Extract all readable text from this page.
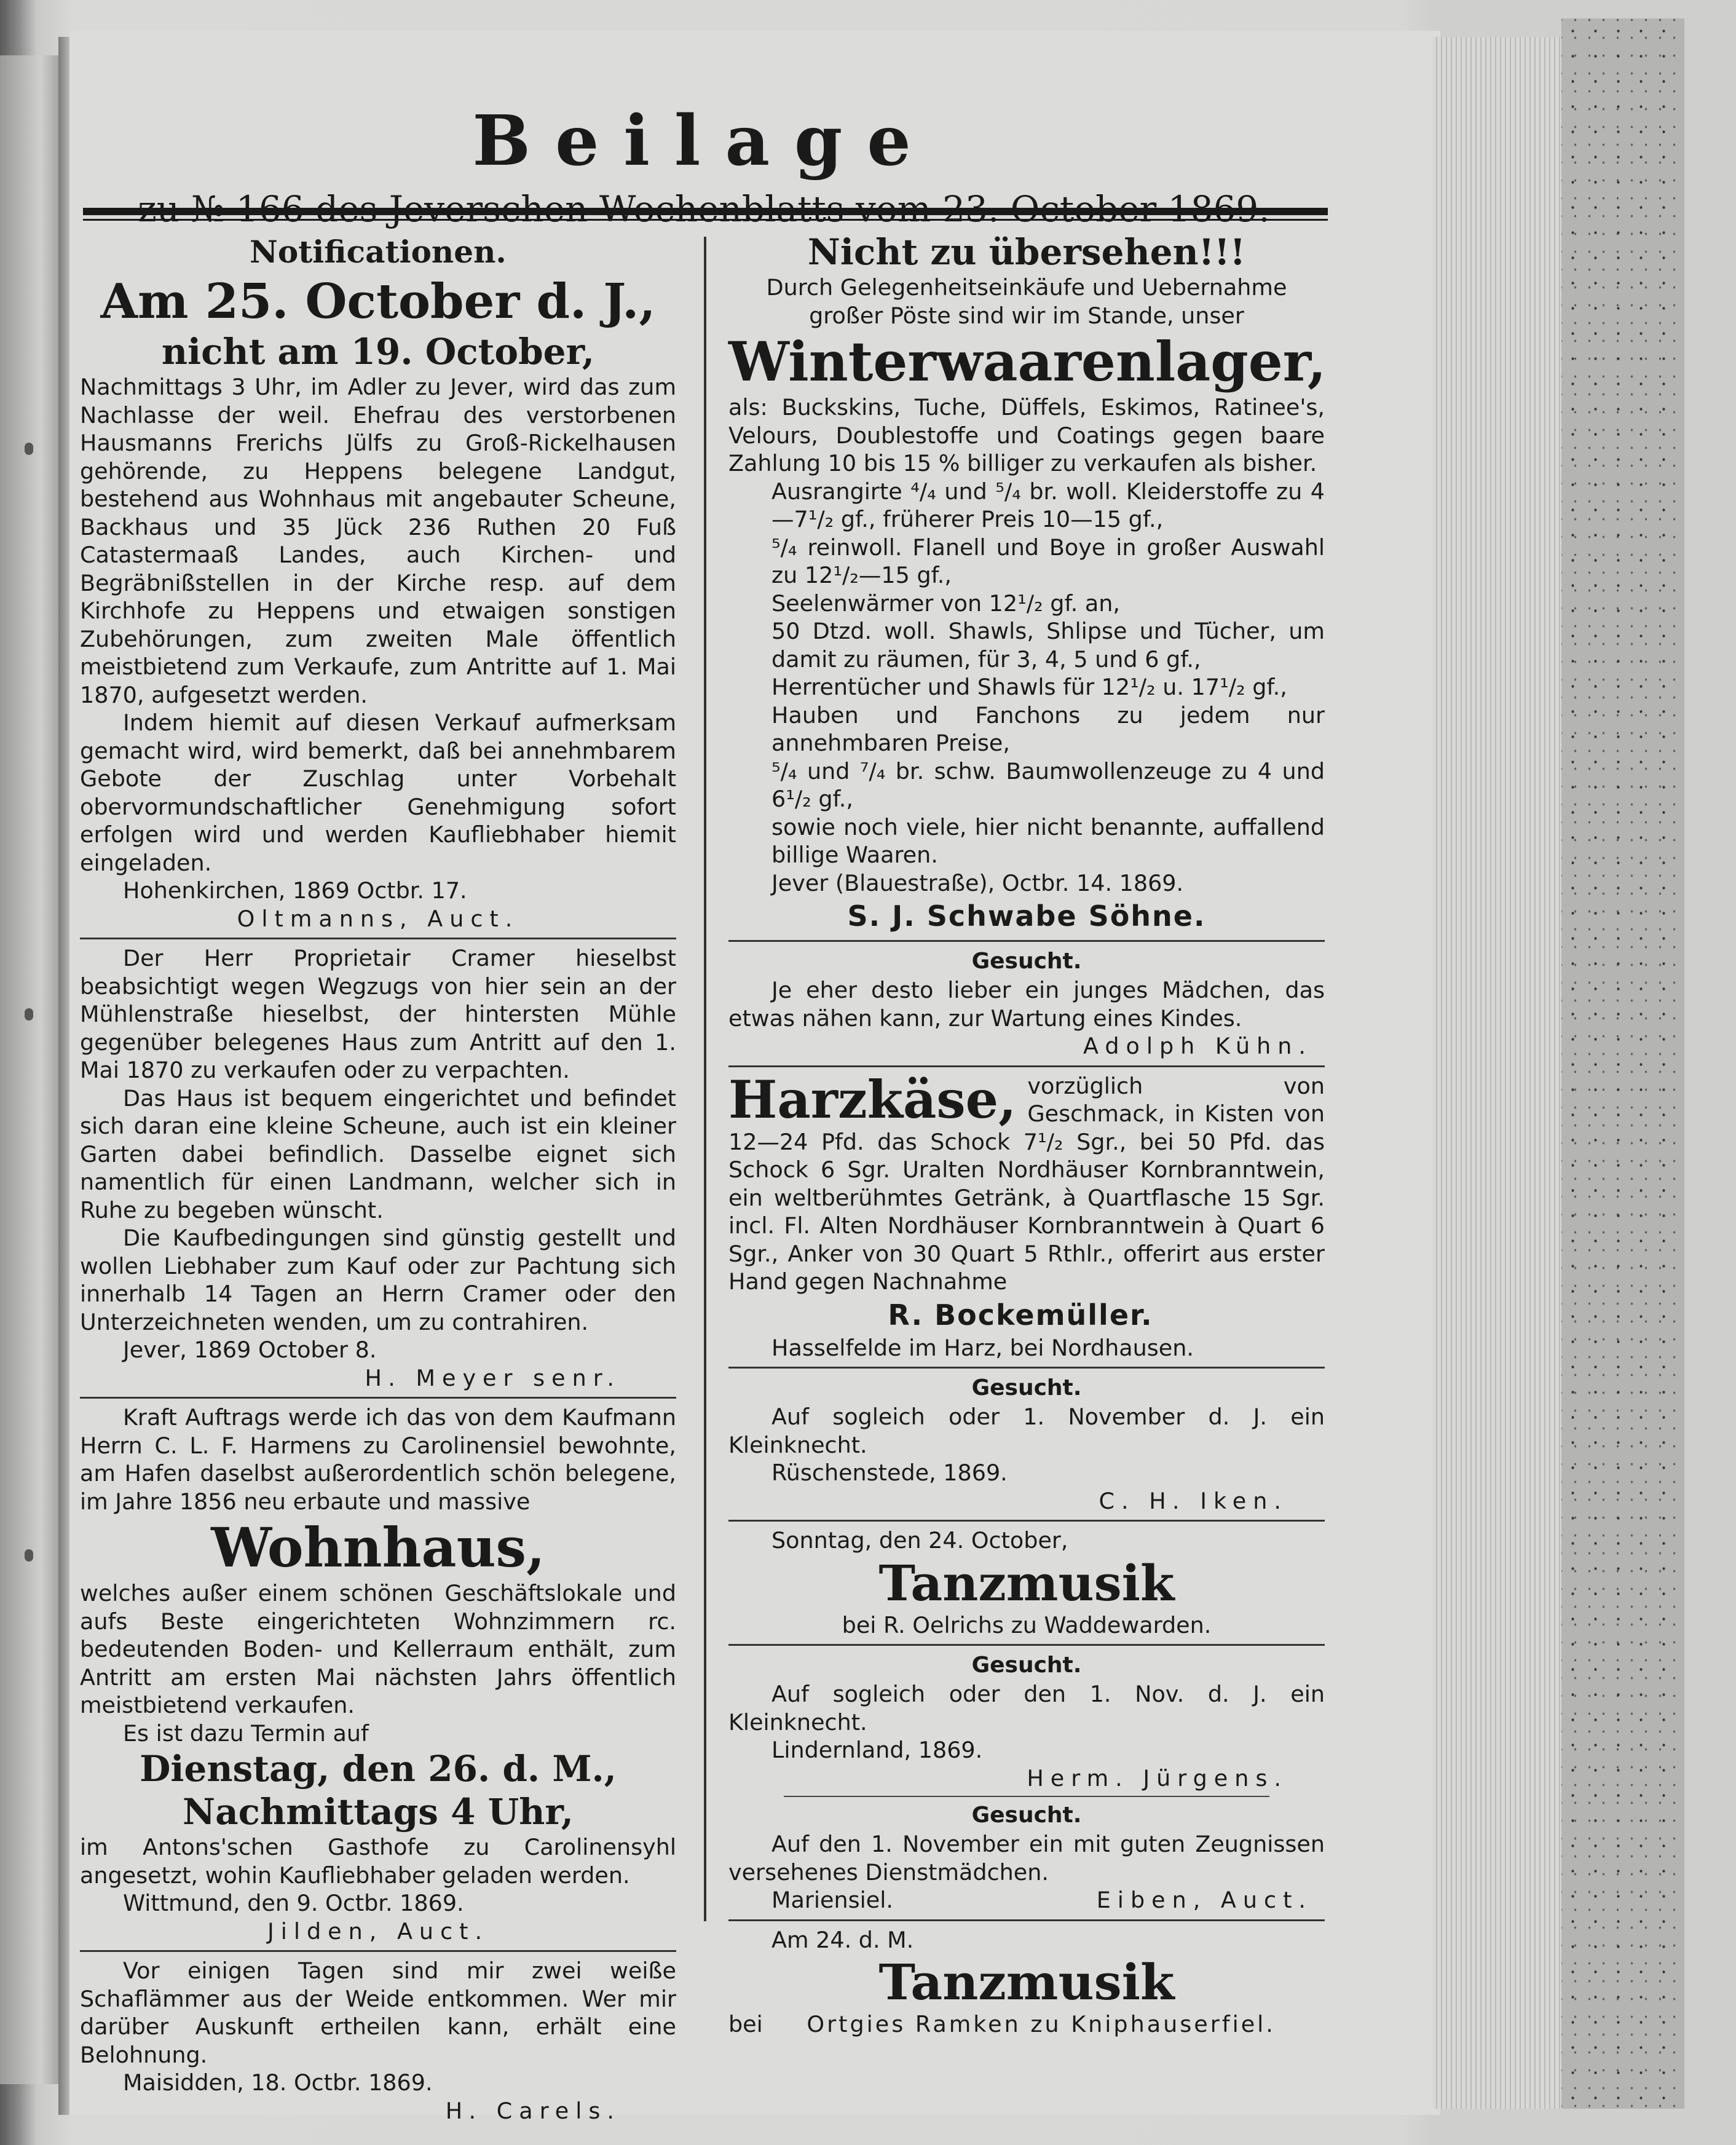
Beilage

Notificationen.

Am 25. October d. J.,

nicht am 19. October,

Nachmittags 3 Uhr, im Adler zu Jever, wird das zum Nachlasse der weil. Ehefrau des verstorbenen Hausmanns Frerichs Jülfs zu Groß-Rickelhausen gehörende, zu Heppens belegene Landgut, bestehend aus Wohnhaus mit angebauter Scheune, Backhaus und 35 Jück 236 Ruthen 20 Fuß Catastermaaß Landes, auch Kirchen- und Begräbnißstellen in der Kirche resp. auf dem Kirchhofe zu Heppens und etwaigen sonstigen Zubehörungen, zum zweiten Male öffentlich meistbietend zum Verkaufe, zum Antritte auf 1. Mai 1870, aufgesetzt werden.

Indem hiemit auf diesen Verkauf aufmerksam gemacht wird, wird bemerkt, daß bei annehmbarem Gebote der Zuschlag unter Vorbehalt obervormundschaftlicher Genehmigung sofort erfolgen wird und werden Kaufliebhaber hiemit eingeladen.

Hohenkirchen, 1869 Octbr. 17.

Oltmanns, Auct.

Der Herr Proprietair Cramer hieselbst beabsichtigt wegen Wegzugs von hier sein an der Mühlenstraße hieselbst, der hintersten Mühle gegenüber belegenes Haus zum Antritt auf den 1. Mai 1870 zu verkaufen oder zu verpachten.

Das Haus ist bequem eingerichtet und befindet sich daran eine kleine Scheune, auch ist ein kleiner Garten dabei befindlich. Dasselbe eignet sich namentlich für einen Landmann, welcher sich in Ruhe zu begeben wünscht.

Die Kaufbedingungen sind günstig gestellt und wollen Liebhaber zum Kauf oder zur Pachtung sich innerhalb 14 Tagen an Herrn Cramer oder den Unterzeichneten wenden, um zu contrahiren.

Jever, 1869 October 8.

H. Meyer senr.

Kraft Auftrags werde ich das von dem Kaufmann Herrn C. L. F. Harmens zu Carolinensiel bewohnte, am Hafen daselbst außerordentlich schön belegene, im Jahre 1856 neu erbaute und massive

Wohnhaus,

welches außer einem schönen Geschäftslokale und aufs Beste eingerichteten Wohnzimmern rc. bedeutenden Boden- und Kellerraum enthält, zum Antritt am ersten Mai nächsten Jahrs öffentlich meistbietend verkaufen.

Es ist dazu Termin auf

Dienstag, den 26. d. M.,

Nachmittags 4 Uhr,

im Antons'schen Gasthofe zu Carolinensyhl angesetzt, wohin Kaufliebhaber geladen werden.

Wittmund, den 9. Octbr. 1869.

Jilden, Auct.

Vor einigen Tagen sind mir zwei weiße Schaflämmer aus der Weide entkommen. Wer mir darüber Auskunft ertheilen kann, erhält eine Belohnung.

Maisidden, 18. Octbr. 1869.

H. Carels.

Nicht zu übersehen!!!

Durch Gelegenheitseinkäufe und Uebernahme großer Pöste sind wir im Stande, unser

Winterwaarenlager,

als: Buckskins, Tuche, Düffels, Eskimos, Ratinee's, Velours, Doublestoffe und Coatings gegen baare Zahlung 10 bis 15 % billiger zu verkaufen als bisher.

Ausrangirte ⁴/₄ und ⁵/₄ br. woll. Kleiderstoffe zu 4—7¹/₂ gf., früherer Preis 10—15 gf.,

⁵/₄ reinwoll. Flanell und Boye in großer Auswahl zu 12¹/₂—15 gf.,

Seelenwärmer von 12¹/₂ gf. an,

50 Dtzd. woll. Shawls, Shlipse und Tücher, um damit zu räumen, für 3, 4, 5 und 6 gf.,

Herrentücher und Shawls für 12¹/₂ u. 17¹/₂ gf.,

Hauben und Fanchons zu jedem nur annehmbaren Preise,

⁵/₄ und ⁷/₄ br. schw. Baumwollenzeuge zu 4 und 6¹/₂ gf.,

sowie noch viele, hier nicht benannte, auffallend billige Waaren.

Jever (Blauestraße), Octbr. 14. 1869.

S. J. Schwabe Söhne.

Gesucht.

Je eher desto lieber ein junges Mädchen, das etwas nähen kann, zur Wartung eines Kindes.

Adolph Kühn.

Harzkäse, vorzüglich von Geschmack, in Kisten von 12—24 Pfd. das Schock 7¹/₂ Sgr., bei 50 Pfd. das Schock 6 Sgr. Uralten Nordhäuser Kornbranntwein, ein weltberühmtes Getränk, à Quartflasche 15 Sgr. incl. Fl. Alten Nordhäuser Kornbranntwein à Quart 6 Sgr., Anker von 30 Quart 5 Rthlr., offerirt aus erster Hand gegen Nachnahme

R. Bockemüller.

Hasselfelde im Harz, bei Nordhausen.

Gesucht.

Auf sogleich oder 1. November d. J. ein Kleinknecht.

Rüschenstede, 1869.

C. H. Iken.

Sonntag, den 24. October,

Tanzmusik

bei R. Oelrichs zu Waddewarden.

Gesucht.

Auf sogleich oder den 1. Nov. d. J. ein Kleinknecht.

Lindernland, 1869.

Herm. Jürgens.

Gesucht.

Auf den 1. November ein mit guten Zeugnissen versehenes Dienstmädchen.

Mariensiel.	Eiben, Auct.

Am 24. d. M.

Tanzmusik

bei Ortgies Ramken zu Kniphauserfiel.
